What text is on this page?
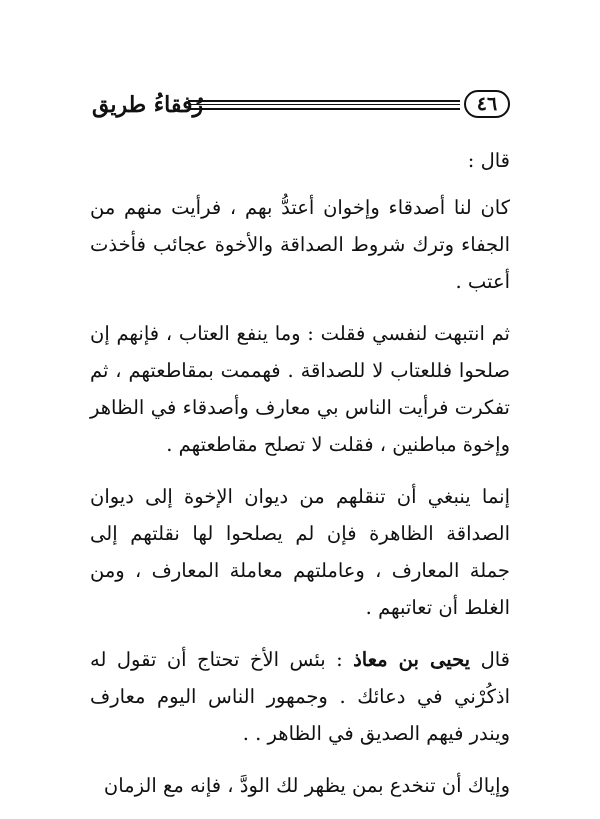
٤٦
رُفقاءُ طريق

قال :

كان لنا أصدقاء وإخوان أعتدُّ بهم ، فرأيت منهم من الجفاء وترك شروط الصداقة والأخوة عجائب فأخذت أعتب .

ثم انتبهت لنفسي فقلت : وما ينفع العتاب ، فإنهم إن صلحوا فللعتاب لا للصداقة . فهممت بمقاطعتهم ، ثم تفكرت فرأيت الناس بي معارف وأصدقاء في الظاهر وإخوة مباطنين ، فقلت لا تصلح مقاطعتهم .

إنما ينبغي أن تنقلهم من ديوان الإخوة إلى ديوان الصداقة الظاهرة فإن لم يصلحوا لها نقلتهم إلى جملة المعارف ، وعاملتهم معاملة المعارف ، ومن الغلط أن تعاتبهم .

قال يحيى بن معاذ : بئس الأخ تحتاج أن تقول له اذكُرْني في دعائك . وجمهور الناس اليوم معارف ويندر فيهم الصديق في الظاهر . .

وإياك أن تنخدع بمن يظهر لك الودَّ ، فإنه مع الزمان
